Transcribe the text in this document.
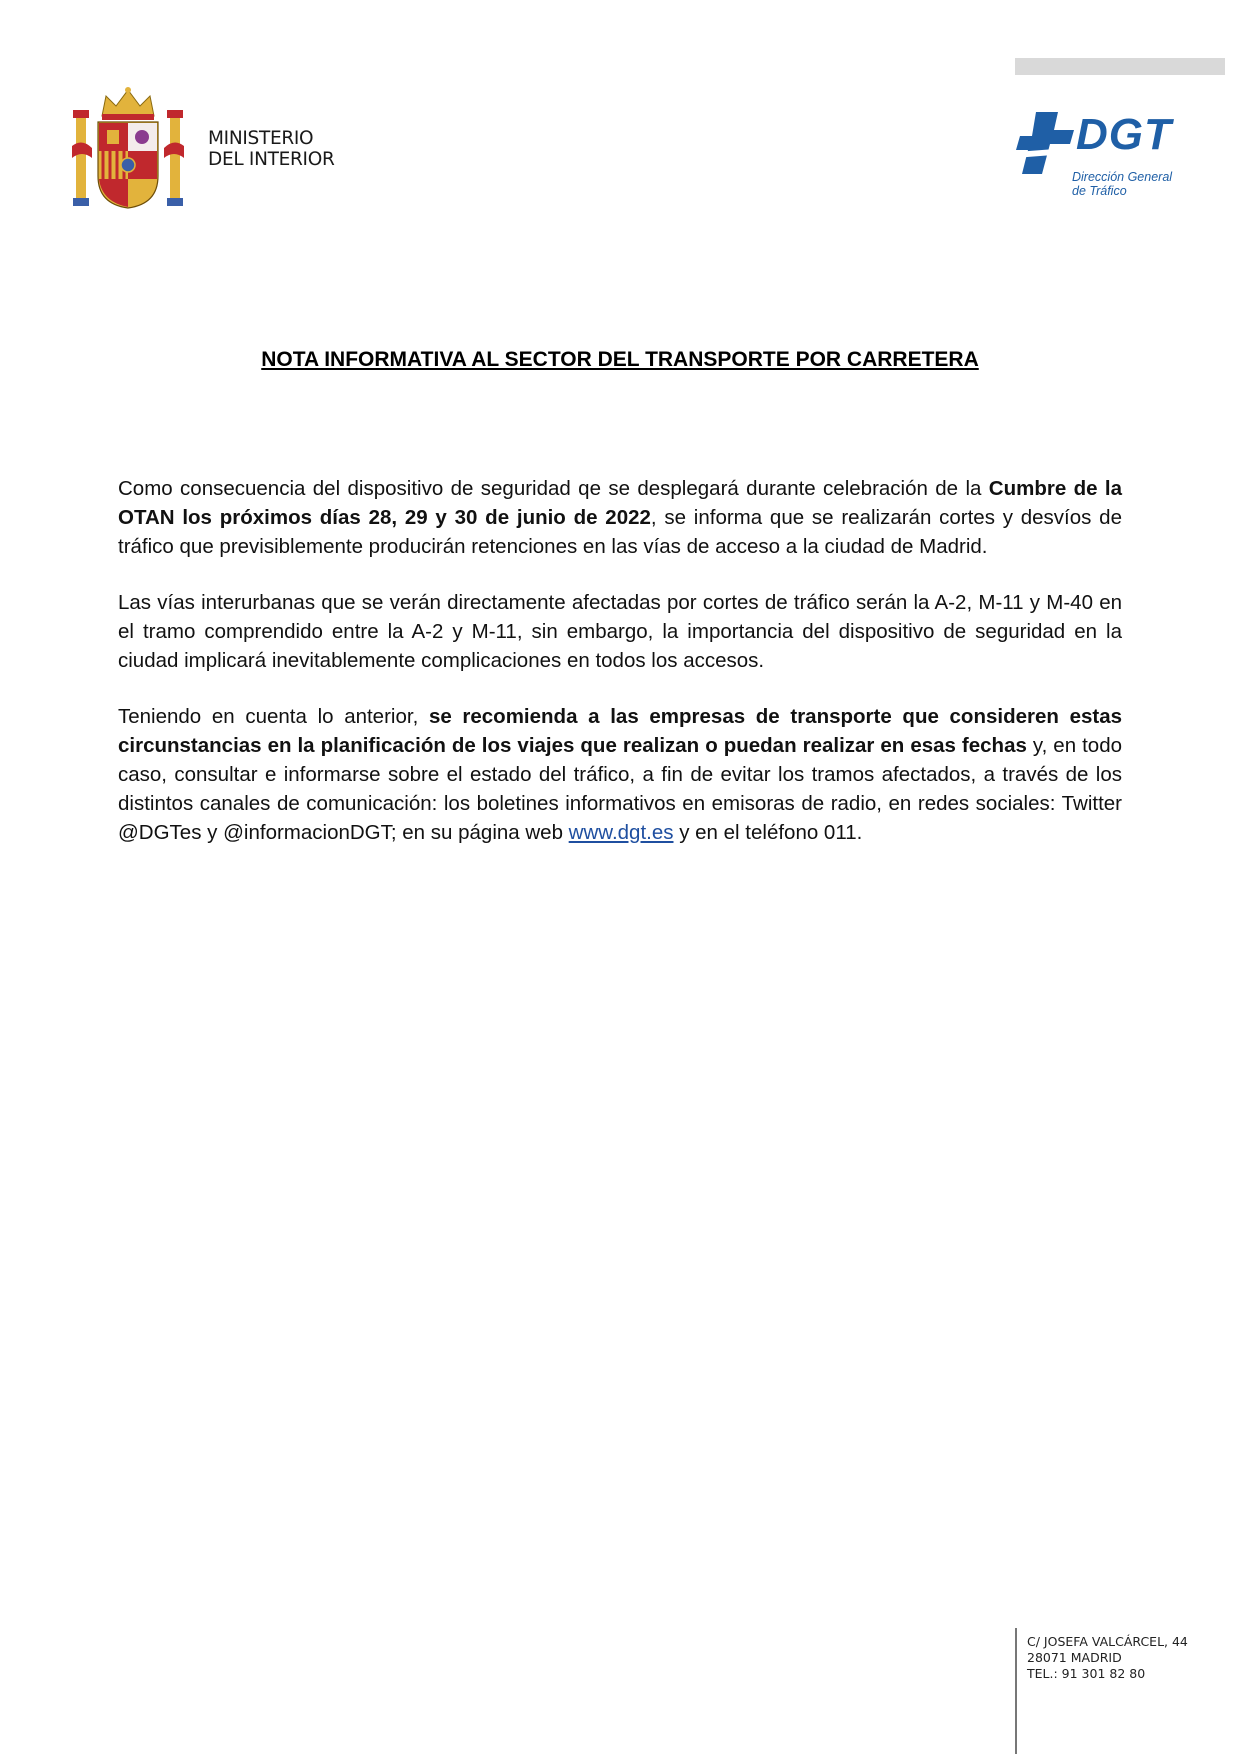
MINISTERIO
DEL INTERIOR
DGT
Dirección General
de Tráfico
NOTA INFORMATIVA AL SECTOR DEL TRANSPORTE POR CARRETERA

Como consecuencia del dispositivo de seguridad qe se desplegará durante celebración de la Cumbre de la OTAN los próximos días 28, 29 y 30 de junio de 2022, se informa que se realizarán cortes y desvíos de tráfico que previsiblemente producirán retenciones en las vías de acceso a la ciudad de Madrid.

Las vías interurbanas que se verán directamente afectadas por cortes de tráfico serán la A-2, M-11 y M-40 en el tramo comprendido entre la A-2 y M-11, sin embargo, la importancia del dispositivo de seguridad en la ciudad implicará inevitablemente complicaciones en todos los accesos.

Teniendo en cuenta lo anterior, se recomienda a las empresas de transporte que consideren estas circunstancias en la planificación de los viajes que realizan o puedan realizar en esas fechas y, en todo caso, consultar e informarse sobre el estado del tráfico, a fin de evitar los tramos afectados, a través de los distintos canales de comunicación: los boletines informativos en emisoras de radio, en redes sociales: Twitter @DGTes y @informacionDGT; en su página web www.dgt.es y en el teléfono 011.

C/ JOSEFA VALCÁRCEL, 44
28071 MADRID
TEL.: 91 301 82 80
